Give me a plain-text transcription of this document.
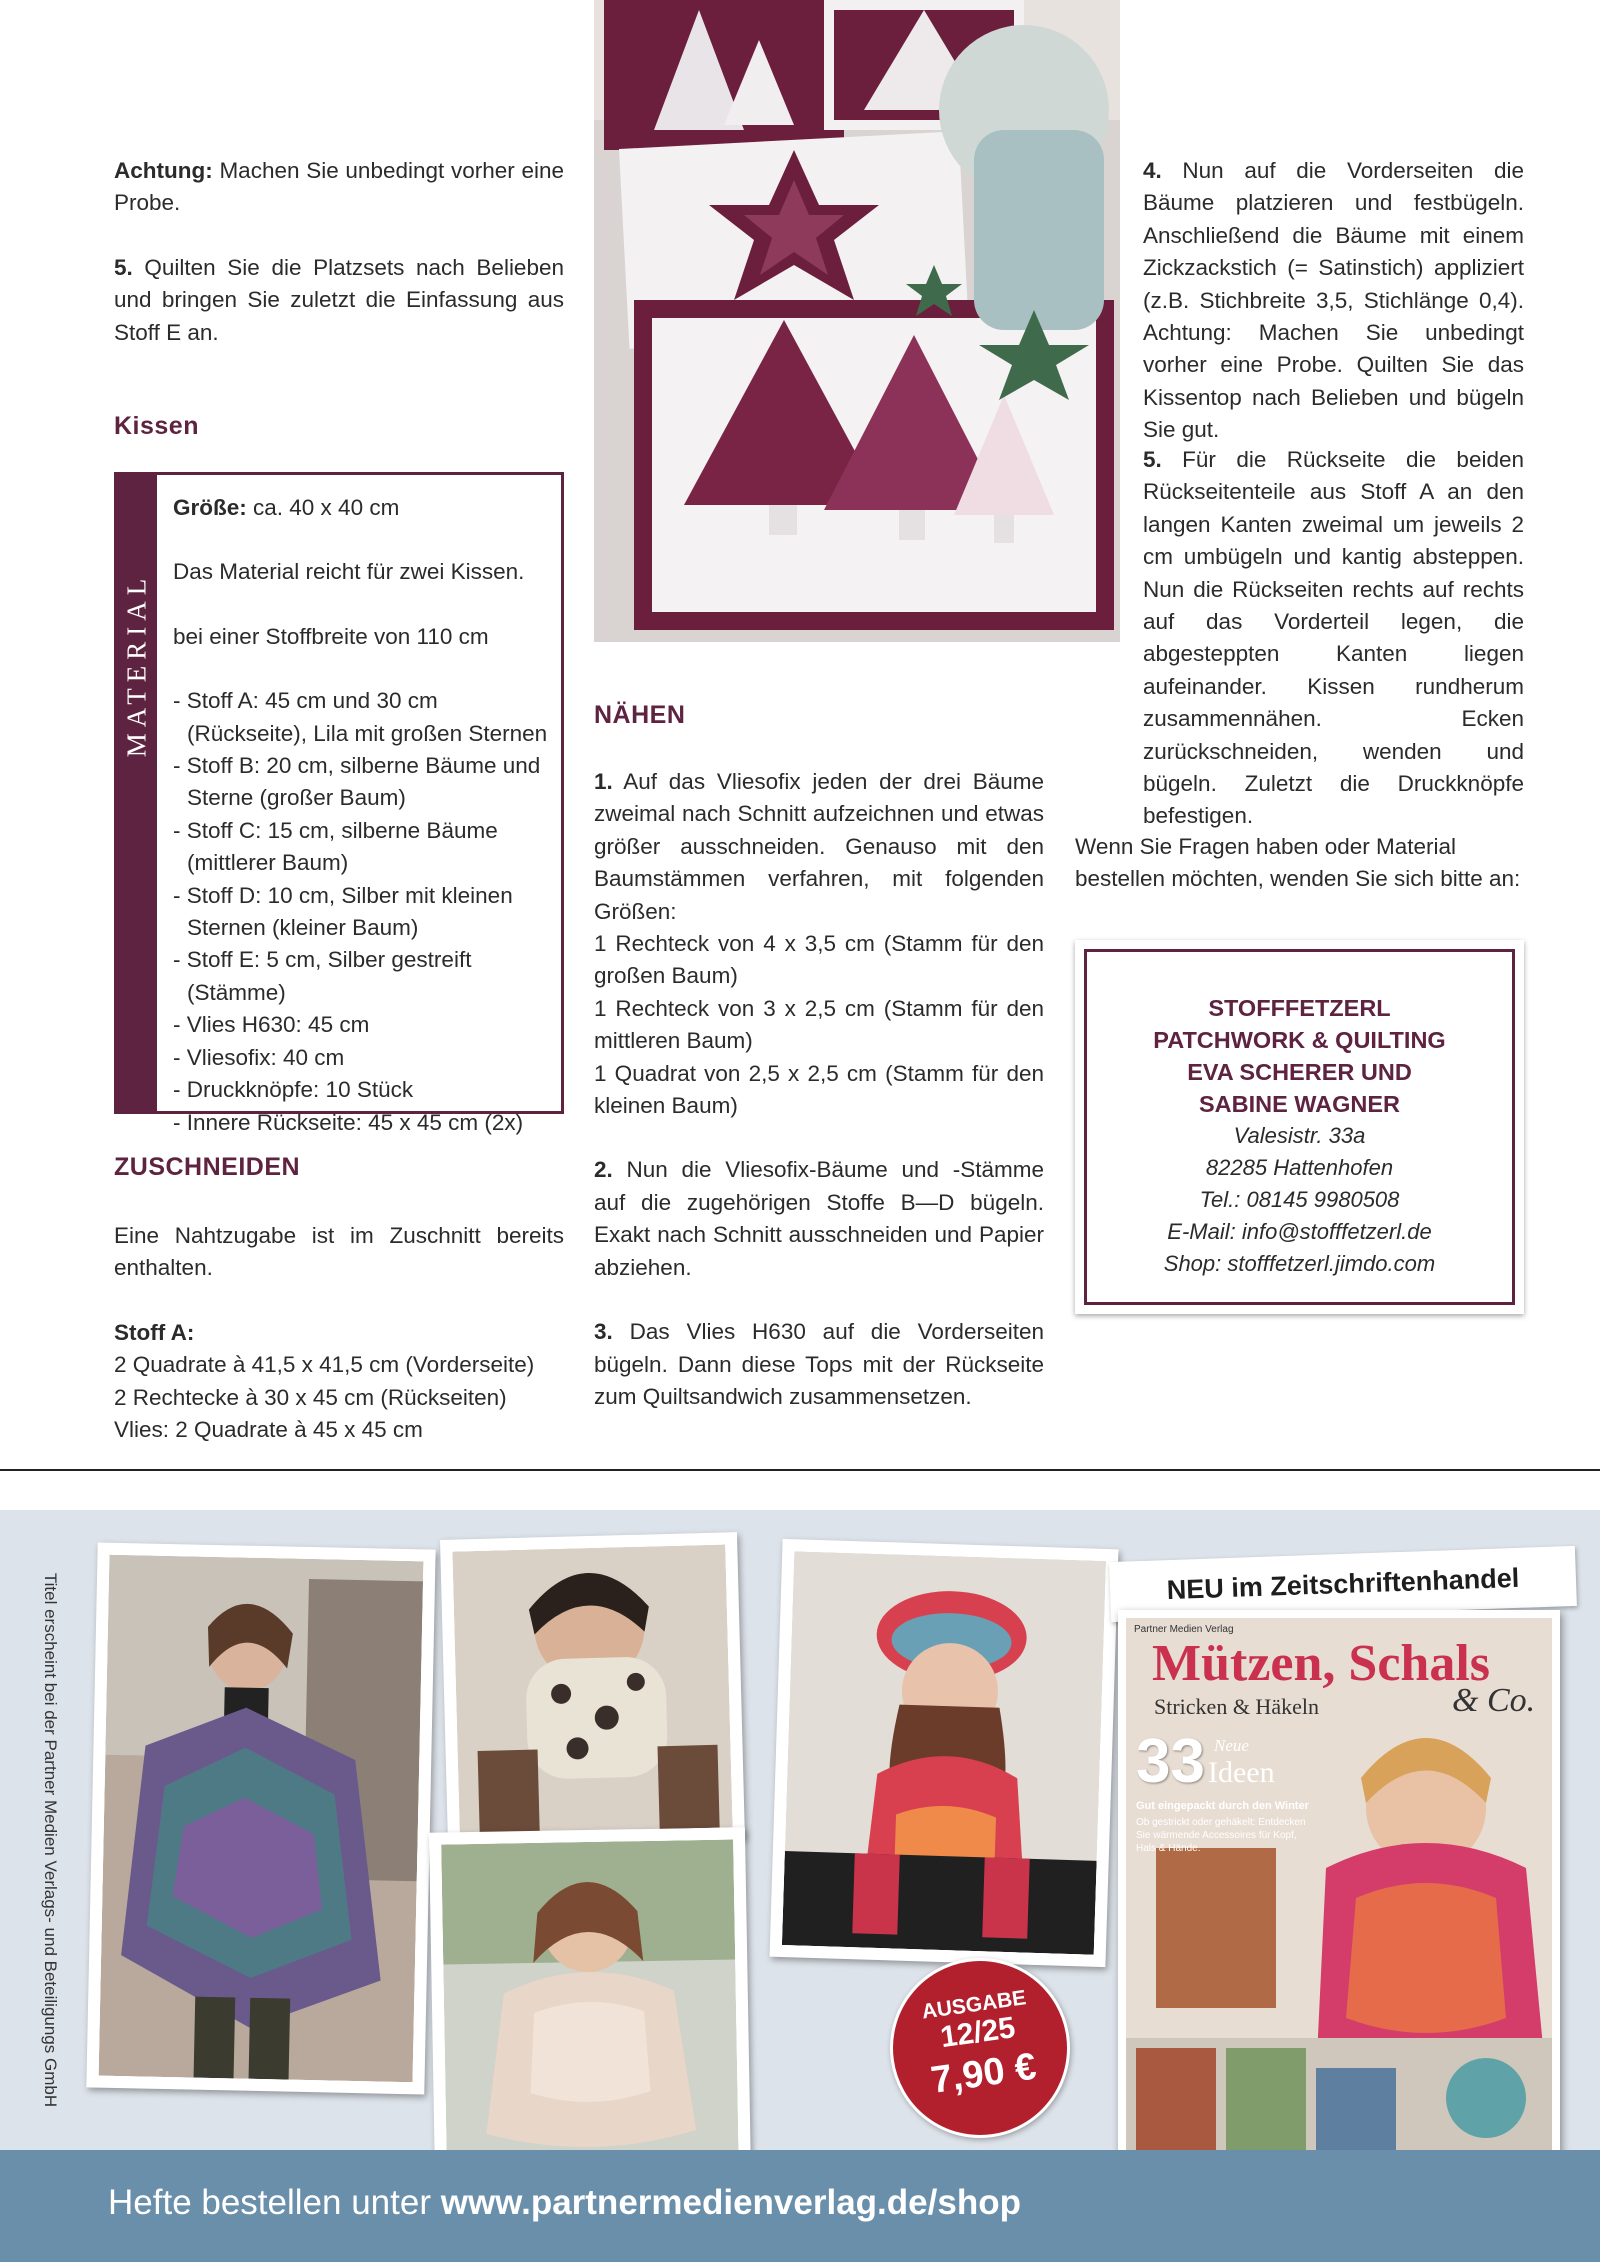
Achtung: Machen Sie unbedingt vorher eine Probe.

5. Quilten Sie die Platzsets nach Belieben und bringen Sie zuletzt die Einfassung aus Stoff E an.

Kissen
MATERIAL

Größe: ca. 40 x 40 cm

Das Material reicht für zwei Kissen.

bei einer Stoffbreite von 110 cm

- Stoff A: 45 cm und 30 cm (Rückseite), Lila mit großen Sternen
- Stoff B: 20 cm, silberne Bäume und Sterne (großer Baum)
- Stoff C: 15 cm, silberne Bäume (mittlerer Baum)
- Stoff D: 10 cm, Silber mit kleinen Sternen (kleiner Baum)
- Stoff E: 5 cm, Silber gestreift (Stämme)
- Vlies H630: 45 cm
- Vliesofix: 40 cm
- Druckknöpfe: 10 Stück
- Innere Rückseite: 45 x 45 cm (2x)
ZUSCHNEIDEN

Eine Nahtzugabe ist im Zuschnitt bereits enthalten.

Stoff A:

2 Quadrate à 41,5 x 41,5 cm (Vorderseite)

2 Rechtecke à 30 x 45 cm (Rückseiten)

Vlies: 2 Quadrate à 45 x 45 cm

NÄHEN

1. Auf das Vliesofix jeden der drei Bäume zweimal nach Schnitt aufzeichnen und etwas größer ausschneiden. Genauso mit den Baumstämmen verfahren, mit folgenden Größen:

1 Rechteck von 4 x 3,5 cm (Stamm für den großen Baum)

1 Rechteck von 3 x 2,5 cm (Stamm für den mittleren Baum)

1 Quadrat von 2,5 x 2,5 cm (Stamm für den kleinen Baum)

2. Nun die Vliesofix-Bäume und -Stämme auf die zugehörigen Stoffe B—D bügeln. Exakt nach Schnitt ausschneiden und Papier abziehen.

3. Das Vlies H630 auf die Vorderseiten bügeln. Dann diese Tops mit der Rückseite zum Quiltsandwich zusammensetzen.

4. Nun auf die Vorderseiten die Bäume platzieren und festbügeln. Anschließend die Bäume mit einem Zickzackstich (= Satinstich) appliziert (z.B. Stichbreite 3,5, Stichlänge 0,4). Achtung: Machen Sie unbedingt vorher eine Probe. Quilten Sie das Kissentop nach Belieben und bügeln Sie gut.

5. Für die Rückseite die beiden Rückseitenteile aus Stoff A an den langen Kanten zweimal um jeweils 2 cm umbügeln und kantig absteppen. Nun die Rückseiten rechts auf rechts auf das Vorderteil legen, die abgesteppten Kanten liegen aufeinander. Kissen rundherum zusammennähen. Ecken zurückschneiden, wenden und bügeln. Zuletzt die Druckknöpfe befestigen.

Wenn Sie Fragen haben oder Material bestellen möchten, wenden Sie sich bitte an:
STOFFFETZERL
PATCHWORK & QUILTING
EVA SCHERER UND
SABINE WAGNER
Valesistr. 33a
82285 Hattenhofen
Tel.: 08145 9980508
E-Mail: info@stofffetzerl.de
Shop: stofffetzerl.jimdo.com
Titel erscheint bei der Partner Medien Verlags- und Beteiligungs GmbH	AUSGABE
12/25
7,90 €
NEU im Zeitschriftenhandel
Partner Medien Verlag
Mützen, Schals
& Co.
Stricken & Häkeln
33 Neue
Ideen
Gut eingepackt durch den Winter
Ob gestrickt oder gehäkelt: Entdecken Sie wärmende Accessoires für Kopf, Hals & Hände.
Hefte bestellen unter www.partnermedienverlag.de/shop
